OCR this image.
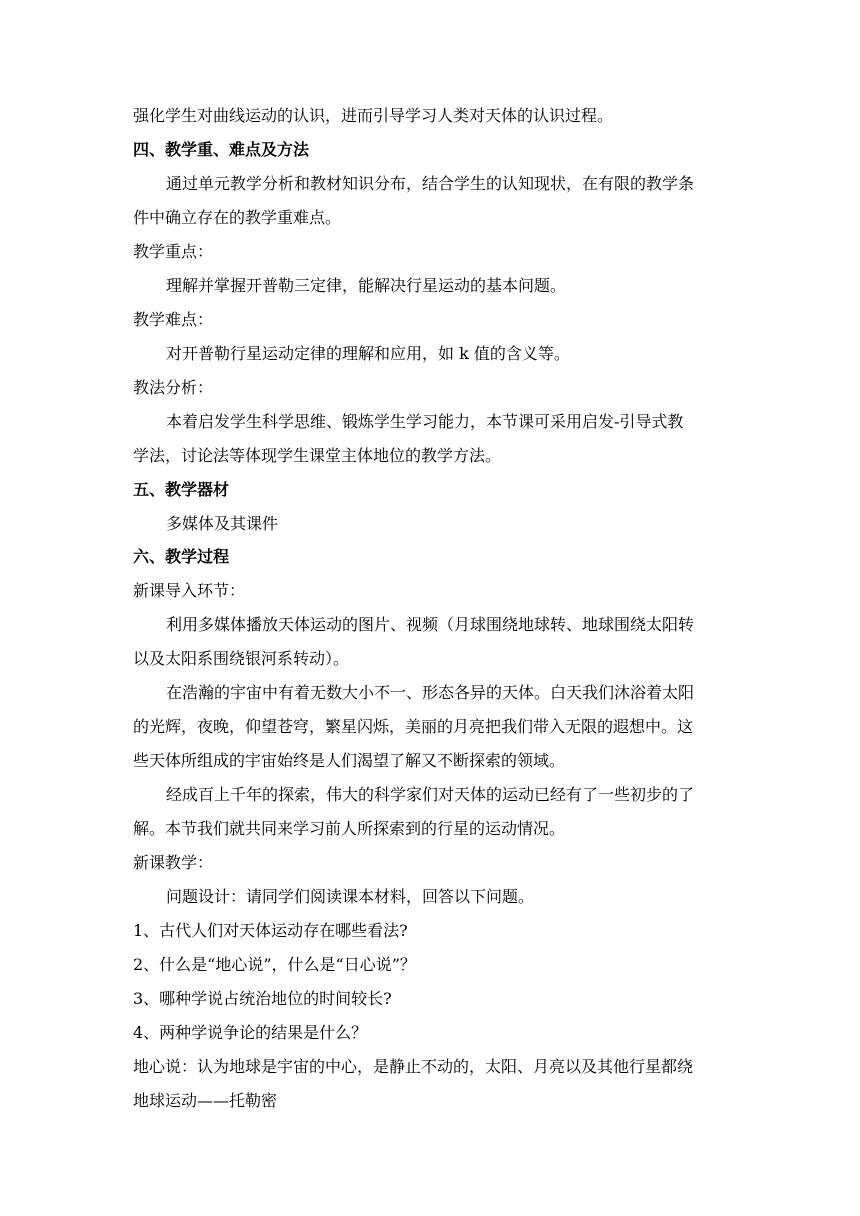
强化学生对曲线运动的认识，进而引导学习人类对天体的认识过程。
四、教学重、难点及方法
通过单元教学分析和教材知识分布，结合学生的认知现状，在有限的教学条
件中确立存在的教学重难点。
教学重点：
理解并掌握开普勒三定律，能解决行星运动的基本问题。
教学难点：
对开普勒行星运动定律的理解和应用，如 k 值的含义等。
教法分析：
本着启发学生科学思维、锻炼学生学习能力，本节课可采用启发-引导式教
学法，讨论法等体现学生课堂主体地位的教学方法。
五、教学器材
多媒体及其课件
六、教学过程
新课导入环节：
利用多媒体播放天体运动的图片、视频（月球围绕地球转、地球围绕太阳转
以及太阳系围绕银河系转动）。
在浩瀚的宇宙中有着无数大小不一、形态各异的天体。白天我们沐浴着太阳
的光辉，夜晚，仰望苍穹，繁星闪烁，美丽的月亮把我们带入无限的遐想中。这
些天体所组成的宇宙始终是人们渴望了解又不断探索的领域。
经成百上千年的探索，伟大的科学家们对天体的运动已经有了一些初步的了
解。本节我们就共同来学习前人所探索到的行星的运动情况。
新课教学：
问题设计：请同学们阅读课本材料，回答以下问题。
1、古代人们对天体运动存在哪些看法?
2、什么是“地心说”，什么是“日心说”？
3、哪种学说占统治地位的时间较长?
4、两种学说争论的结果是什么？
地心说：认为地球是宇宙的中心，是静止不动的，太阳、月亮以及其他行星都绕
地球运动——托勒密
